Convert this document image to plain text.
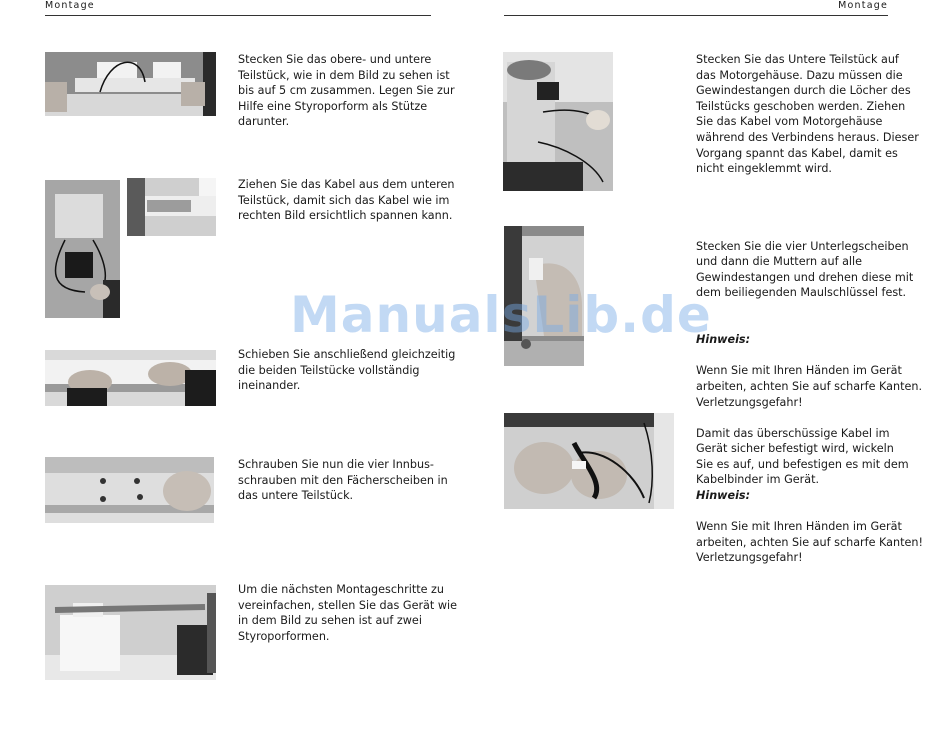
Montage	Montage
Stecken Sie das obere- und untere
Teilstück, wie in dem Bild zu sehen ist
bis auf 5 cm zusammen. Legen Sie zur
Hilfe eine Styroporform als Stütze
darunter.
Ziehen Sie das Kabel aus dem unteren
Teilstück, damit sich das Kabel wie im
rechten Bild ersichtlich spannen kann.
Schieben Sie anschließend gleichzeitig
die beiden Teilstücke vollständig
ineinander.
Schrauben Sie nun die vier Innbus-
schrauben mit den Fächerscheiben in
das untere Teilstück.
Um die nächsten Montageschritte zu
vereinfachen, stellen Sie das Gerät wie
in dem Bild zu sehen ist auf zwei
Styroporformen.
Stecken Sie das Untere Teilstück auf
das Motorgehäuse. Dazu müssen die
Gewindestangen durch die Löcher des
Teilstücks geschoben werden. Ziehen
Sie das Kabel vom Motorgehäuse
während des Verbindens heraus. Dieser
Vorgang spannt das Kabel, damit es
nicht eingeklemmt wird.

Stecken Sie die vier Unterlegscheiben
und dann die Muttern auf alle
Gewindestangen und drehen diese mit
dem beiliegenden Maulschlüssel fest.

Hinweis:

Wenn Sie mit Ihren Händen im Gerät
arbeiten, achten Sie auf scharfe Kanten.
Verletzungsgefahr!

Damit das überschüssige Kabel im
Gerät sicher befestigt wird, wickeln
Sie es auf, und befestigen es mit dem
Kabelbinder im Gerät.

Hinweis:

Wenn Sie mit Ihren Händen im Gerät
arbeiten, achten Sie auf scharfe Kanten!
Verletzungsgefahr!

ManualsLib.de
